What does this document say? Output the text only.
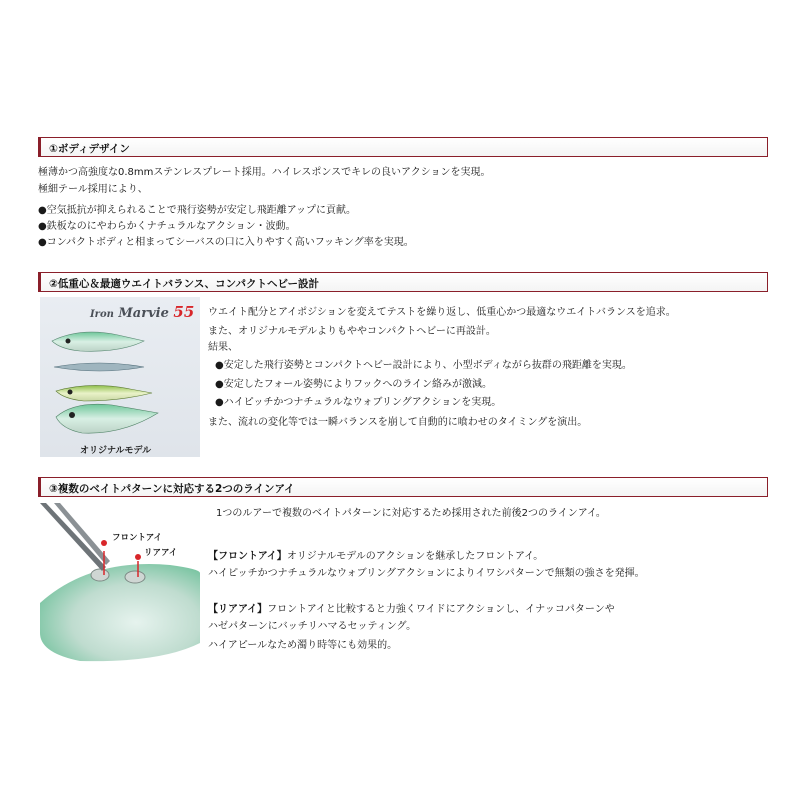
①ボディデザイン
極薄かつ高強度な0.8mmステンレスプレート採用。ハイレスポンスでキレの良いアクションを実現。
極細テール採用により、
●空気抵抗が抑えられることで飛行姿勢が安定し飛距離アップに貢献。
●鉄板なのにやわらかくナチュラルなアクション・波動。
●コンパクトボディと相まってシーバスの口に入りやすく高いフッキング率を実現。
②低重心＆最適ウエイトバランス、コンパクトヘビー設計
Iron Marvie 55
オリジナルモデル
ウエイト配分とアイポジションを変えてテストを繰り返し、低重心かつ最適なウエイトバランスを追求。
また、オリジナルモデルよりもややコンパクトヘビーに再設計。
結果、
●安定した飛行姿勢とコンパクトヘビー設計により、小型ボディながら抜群の飛距離を実現。
●安定したフォール姿勢によりフックへのライン絡みが激減。
●ハイピッチかつナチュラルなウォブリングアクションを実現。
また、流れの変化等では一瞬バランスを崩して自動的に喰わせのタイミングを演出。
③複数のベイトパターンに対応する2つのラインアイ
フロントアイ
リアアイ
1つのルアーで複数のベイトパターンに対応するため採用された前後2つのラインアイ。
【フロントアイ】オリジナルモデルのアクションを継承したフロントアイ。
ハイピッチかつナチュラルなウォブリングアクションによりイワシパターンで無類の強さを発揮。
【リアアイ】フロントアイと比較すると力強くワイドにアクションし、イナッコパターンや
ハゼパターンにバッチリハマるセッティング。
ハイアピールなため濁り時等にも効果的。
